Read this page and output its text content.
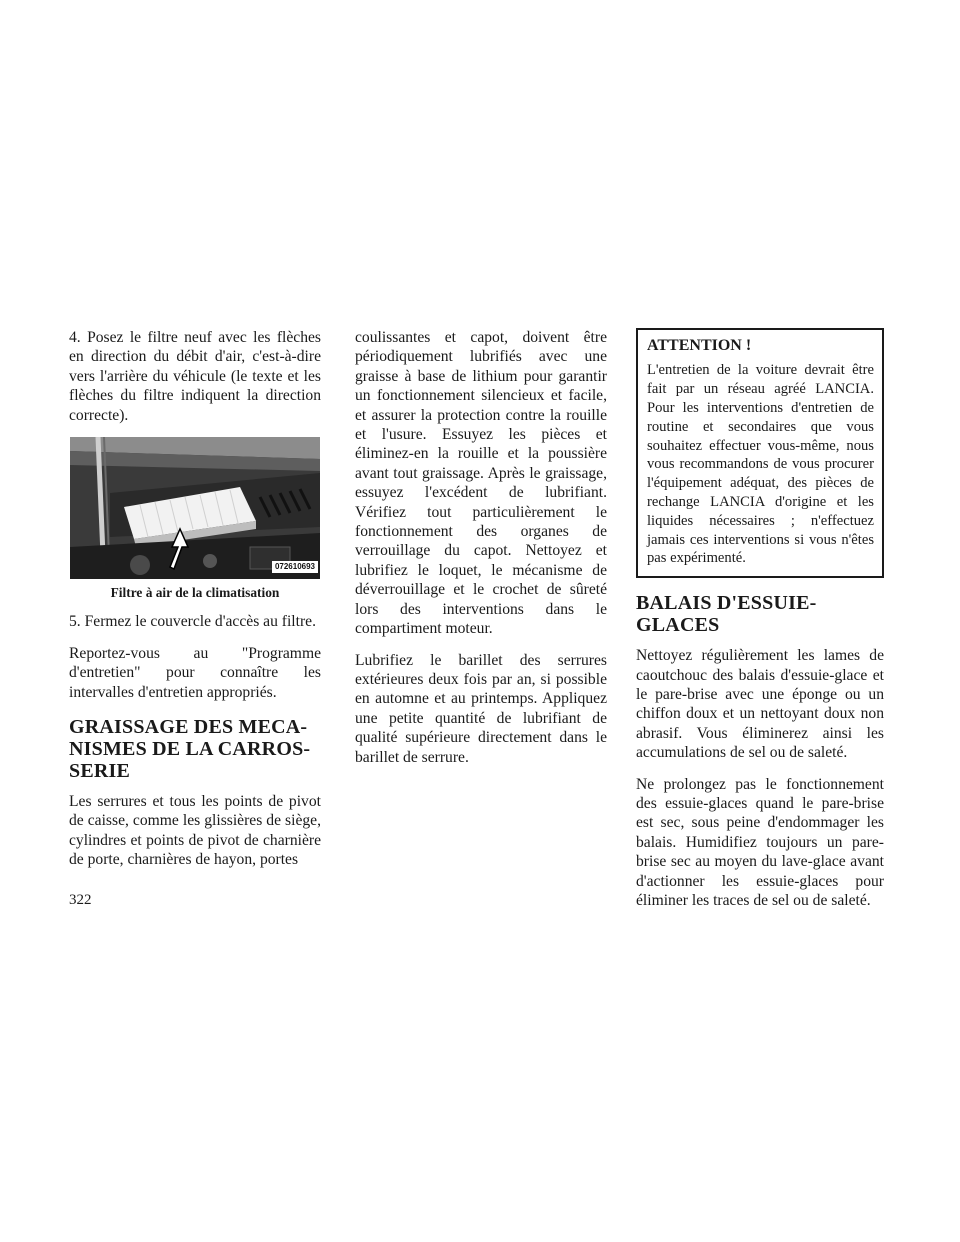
4. Posez le filtre neuf avec les flèches en direction du débit d'air, c'est-à-dire vers l'arrière du véhicule (le texte et les flèches du filtre indiquent la direction correcte).

072610693
Filtre à air de la climatisation

5. Fermez le couvercle d'accès au filtre.

Reportez-vous au "Programme d'entretien" pour connaître les intervalles d'entretien appropriés.

GRAISSAGE DES MECA-
NISMES DE LA CARROS-
SERIE

Les serrures et tous les points de pivot de caisse, comme les glissières de siège, cylindres et points de pivot de charnière de porte, charnières de hayon, portes

coulissantes et capot, doivent être périodiquement lubrifiés avec une graisse à base de lithium pour garantir un fonctionnement silencieux et facile, et assurer la protection contre la rouille et l'usure. Essuyez les pièces et éliminez-en la rouille et la poussière avant tout graissage. Après le graissage, essuyez l'excédent de lubrifiant. Vérifiez tout particulièrement le fonctionnement des organes de verrouillage du capot. Nettoyez et lubrifiez le loquet, le mécanisme de déverrouillage et le crochet de sûreté lors des interventions dans le compartiment moteur.

Lubrifiez le barillet des serrures extérieures deux fois par an, si possible en automne et au printemps. Appliquez une petite quantité de lubrifiant de qualité supérieure directement dans le barillet de serrure.

ATTENTION !

L'entretien de la voiture devrait être fait par un réseau agréé LANCIA. Pour les interventions d'entretien de routine et secondaires que vous souhaitez effectuer vous-même, nous vous recommandons de vous procurer l'équipement adéquat, des pièces de rechange LANCIA d'origine et les liquides nécessaires ; n'effectuez jamais ces interventions si vous n'êtes pas expérimenté.

BALAIS D'ESSUIE-GLACES

Nettoyez régulièrement les lames de caoutchouc des balais d'essuie-glace et le pare-brise avec une éponge ou un chiffon doux et un nettoyant doux non abrasif. Vous éliminerez ainsi les accumulations de sel ou de saleté.

Ne prolongez pas le fonctionnement des essuie-glaces quand le pare-brise est sec, sous peine d'endommager les balais. Humidifiez toujours un pare-brise sec au moyen du lave-glace avant d'actionner les essuie-glaces pour éliminer les traces de sel ou de saleté.

322
